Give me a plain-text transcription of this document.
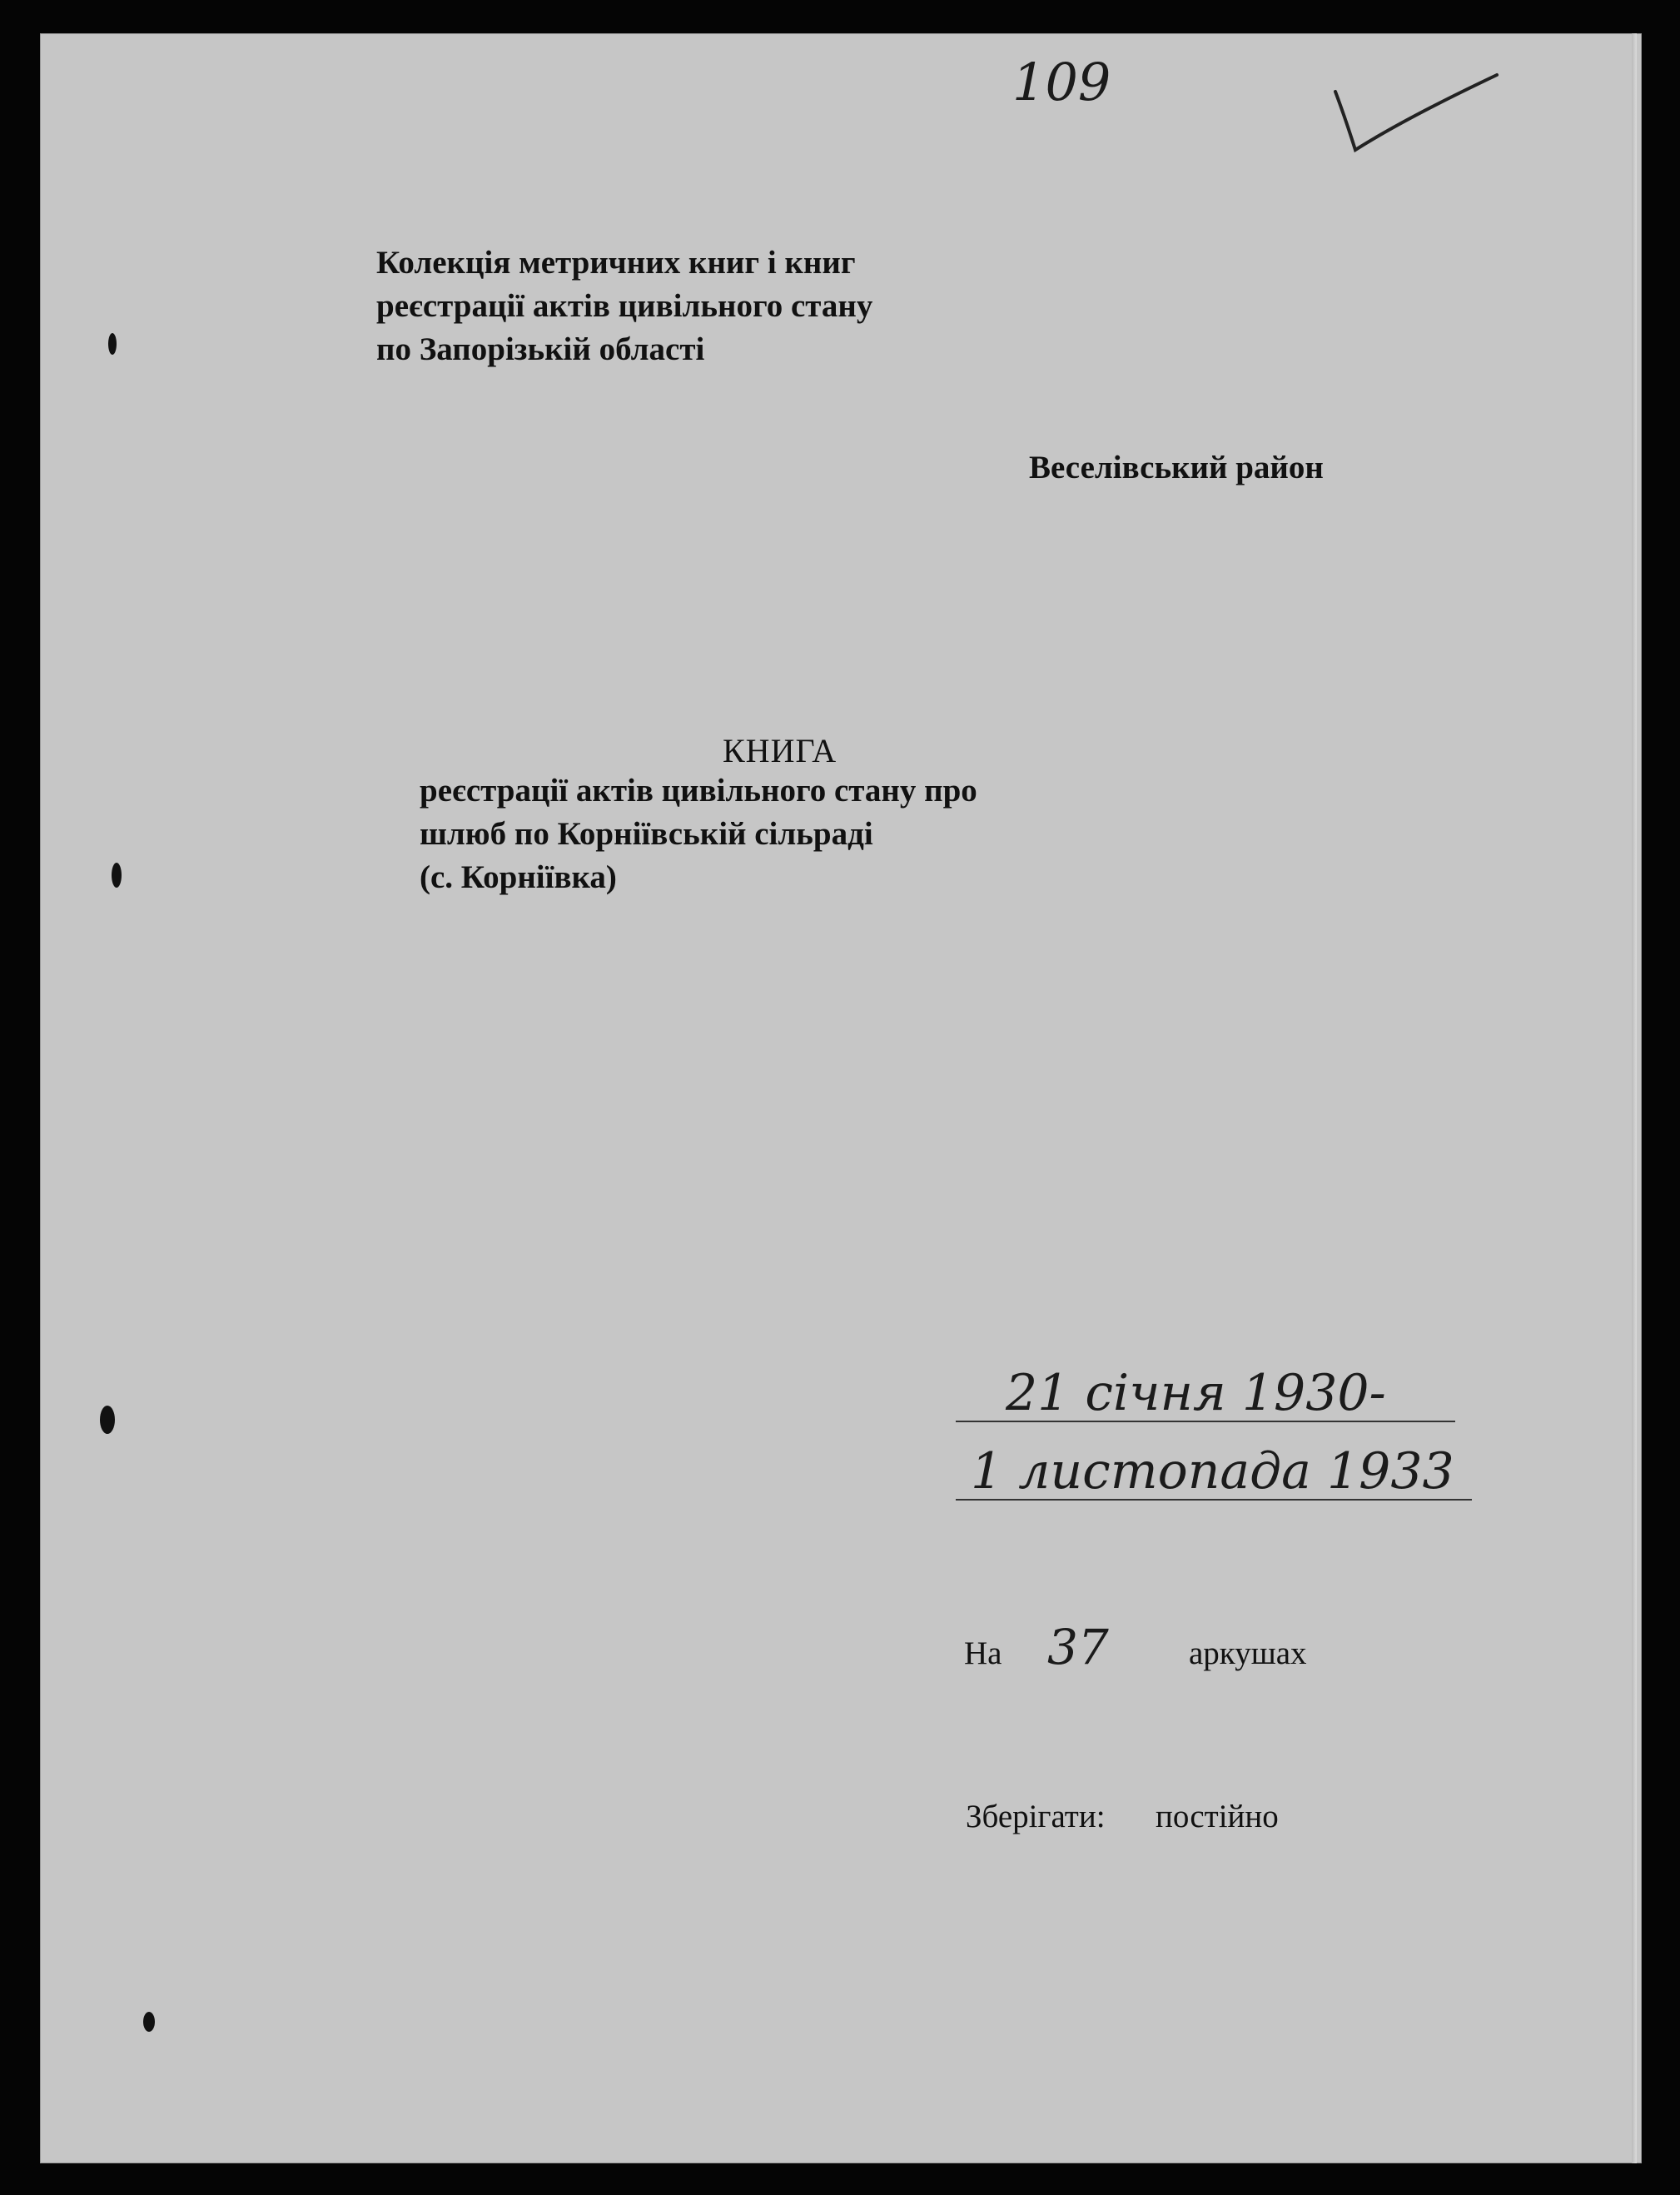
109
Колекція метричних книг і книг
реєстрації актів цивільного стану
по Запорізькій області
Веселівський район
КНИГА
реєстрації актів цивільного стану про
шлюб по Корніївській сільраді
(с. Корніївка)
21 січня 1930-
1 листопада 1933
На 37 аркушах
Зберігати: постійно
